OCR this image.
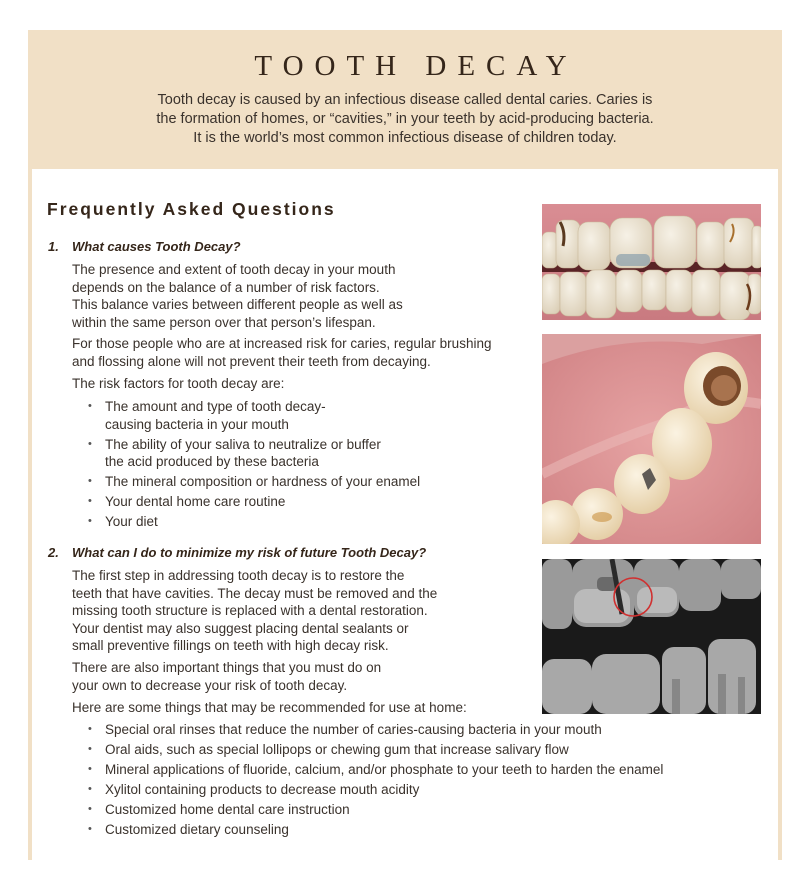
TOOTH DECAY
Tooth decay is caused by an infectious disease called dental caries. Caries is
the formation of homes, or “cavities,” in your teeth by acid-producing bacteria.
It is the world’s most common infectious disease of children today.
Frequently Asked Questions
1. What causes Tooth Decay?
The presence and extent of tooth decay in your mouth
depends on the balance of a number of risk factors.
This balance varies between different people as well as
within the same person over that person’s lifespan.
For those people who are at increased risk for caries, regular brushing
and flossing alone will not prevent their teeth from decaying.
The risk factors for tooth decay are:
• The amount and type of tooth decay-
causing bacteria in your mouth
• The ability of your saliva to neutralize or buffer
the acid produced by these bacteria
• The mineral composition or hardness of your enamel
• Your dental home care routine
• Your diet
2. What can I do to minimize my risk of future Tooth Decay?
The first step in addressing tooth decay is to restore the
teeth that have cavities. The decay must be removed and the
missing tooth structure is replaced with a dental restoration.
Your dentist may also suggest placing dental sealants or
small preventive fillings on teeth with high decay risk.
There are also important things that you must do on
your own to decrease your risk of tooth decay.
Here are some things that may be recommended for use at home:
• Special oral rinses that reduce the number of caries-causing bacteria in your mouth
• Oral aids, such as special lollipops or chewing gum that increase salivary flow
• Mineral applications of fluoride, calcium, and/or phosphate to your teeth to harden the enamel
• Xylitol containing products to decrease mouth acidity
• Customized home dental care instruction
• Customized dietary counseling
